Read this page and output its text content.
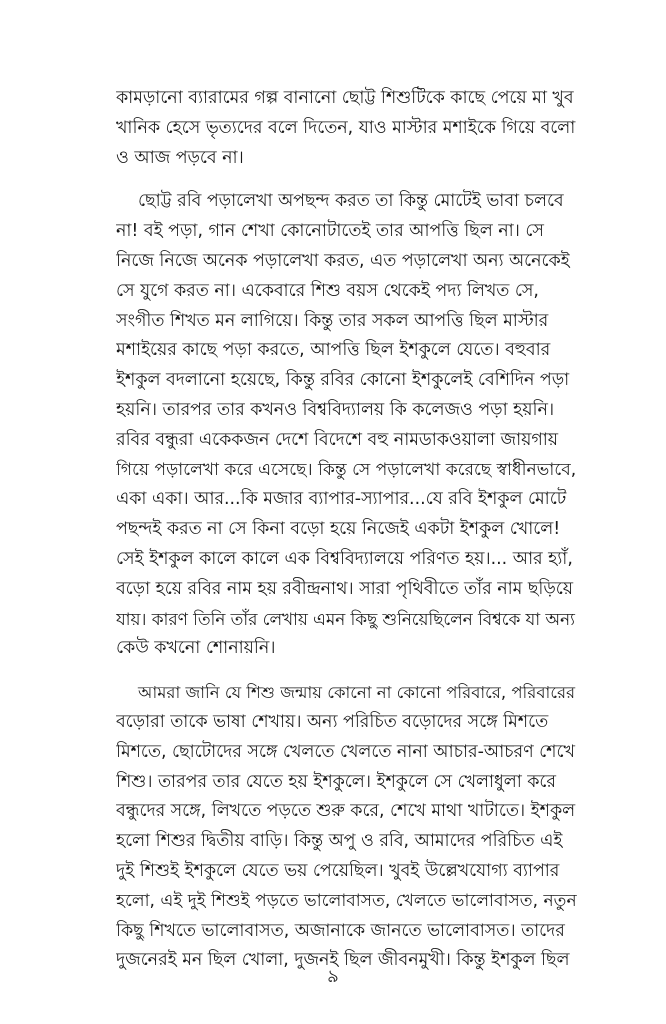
কামড়ানো ব্যারামের গল্প বানানো ছোট্ট শিশুটিকে কাছে পেয়ে মা খুব
খানিক হেসে ভৃত্যদের বলে দিতেন, যাও মাস্টার মশাইকে গিয়ে বলো
ও আজ পড়বে না।

ছোট্ট রবি পড়ালেখা অপছন্দ করত তা কিন্তু মোটেই ভাবা চলবে
না! বই পড়া, গান শেখা কোনোটাতেই তার আপত্তি ছিল না। সে
নিজে নিজে অনেক পড়ালেখা করত, এত পড়ালেখা অন্য অনেকেই
সে যুগে করত না। একেবারে শিশু বয়স থেকেই পদ্য লিখত সে,
সংগীত শিখত মন লাগিয়ে। কিন্তু তার সকল আপত্তি ছিল মাস্টার
মশাইয়ের কাছে পড়া করতে, আপত্তি ছিল ইশকুলে যেতে। বহুবার
ইশকুল বদলানো হয়েছে, কিন্তু রবির কোনো ইশকুলেই বেশিদিন পড়া
হয়নি। তারপর তার কখনও বিশ্ববিদ্যালয় কি কলেজও পড়া হয়নি।
রবির বন্ধুরা একেকজন দেশে বিদেশে বহু নামডাকওয়ালা জায়গায়
গিয়ে পড়ালেখা করে এসেছে। কিন্তু সে পড়ালেখা করেছে স্বাধীনভাবে,
একা একা। আর...কি মজার ব্যাপার-স্যাপার...যে রবি ইশকুল মোটে
পছন্দই করত না সে কিনা বড়ো হয়ে নিজেই একটা ইশকুল খোলে!
সেই ইশকুল কালে কালে এক বিশ্ববিদ্যালয়ে পরিণত হয়।... আর হ্যাঁ,
বড়ো হয়ে রবির নাম হয় রবীন্দ্রনাথ। সারা পৃথিবীতে তাঁর নাম ছড়িয়ে
যায়। কারণ তিনি তাঁর লেখায় এমন কিছু শুনিয়েছিলেন বিশ্বকে যা অন্য
কেউ কখনো শোনায়নি।

আমরা জানি যে শিশু জন্মায় কোনো না কোনো পরিবারে, পরিবারের
বড়োরা তাকে ভাষা শেখায়। অন্য পরিচিত বড়োদের সঙ্গে মিশতে
মিশতে, ছোটোদের সঙ্গে খেলতে খেলতে নানা আচার-আচরণ শেখে
শিশু। তারপর তার যেতে হয় ইশকুলে। ইশকুলে সে খেলাধুলা করে
বন্ধুদের সঙ্গে, লিখতে পড়তে শুরু করে, শেখে মাথা খাটাতে। ইশকুল
হলো শিশুর দ্বিতীয় বাড়ি। কিন্তু অপু ও রবি, আমাদের পরিচিত এই
দুই শিশুই ইশকুলে যেতে ভয় পেয়েছিল। খুবই উল্লেখযোগ্য ব্যাপার
হলো, এই দুই শিশুই পড়তে ভালোবাসত, খেলতে ভালোবাসত, নতুন
কিছু শিখতে ভালোবাসত, অজানাকে জানতে ভালোবাসত। তাদের
দুজনেরই মন ছিল খোলা, দুজনই ছিল জীবনমুখী। কিন্তু ইশকুল ছিল

৯
